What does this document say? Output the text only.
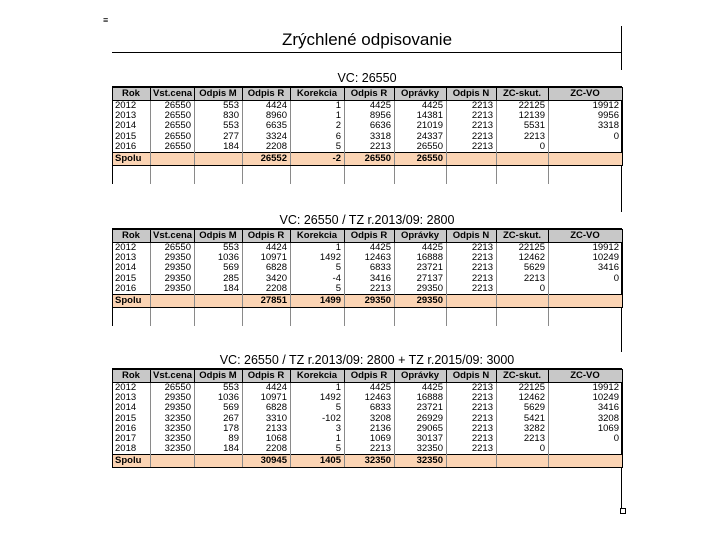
≡
Zrýchlené odpisovanie
VC: 26550
Rok	Vst.cena	Odpis M	Odpis R	Korekcia	Odpis R	Oprávky	Odpis N	ZC-skut.	ZC-VO
2012	26550	553	4424	1	4425	4425	2213	22125	19912
2013	26550	830	8960	1	8956	14381	2213	12139	9956
2014	26550	553	6635	2	6636	21019	2213	5531	3318
2015	26550	277	3324	6	3318	24337	2213	2213	0
2016	26550	184	2208	5	2213	26550	2213	0	
Spolu			26552	-2	26550	26550			
VC: 26550 / TZ r.2013/09: 2800
Rok	Vst.cena	Odpis M	Odpis R	Korekcia	Odpis R	Oprávky	Odpis N	ZC-skut.	ZC-VO
2012	26550	553	4424	1	4425	4425	2213	22125	19912
2013	29350	1036	10971	1492	12463	16888	2213	12462	10249
2014	29350	569	6828	5	6833	23721	2213	5629	3416
2015	29350	285	3420	-4	3416	27137	2213	2213	0
2016	29350	184	2208	5	2213	29350	2213	0	
Spolu			27851	1499	29350	29350			
VC: 26550 / TZ r.2013/09: 2800 + TZ r.2015/09: 3000
Rok	Vst.cena	Odpis M	Odpis R	Korekcia	Odpis R	Oprávky	Odpis N	ZC-skut.	ZC-VO
2012	26550	553	4424	1	4425	4425	2213	22125	19912
2013	29350	1036	10971	1492	12463	16888	2213	12462	10249
2014	29350	569	6828	5	6833	23721	2213	5629	3416
2015	32350	267	3310	-102	3208	26929	2213	5421	3208
2016	32350	178	2133	3	2136	29065	2213	3282	1069
2017	32350	89	1068	1	1069	30137	2213	2213	0
2018	32350	184	2208	5	2213	32350	2213	0	
Spolu			30945	1405	32350	32350			
